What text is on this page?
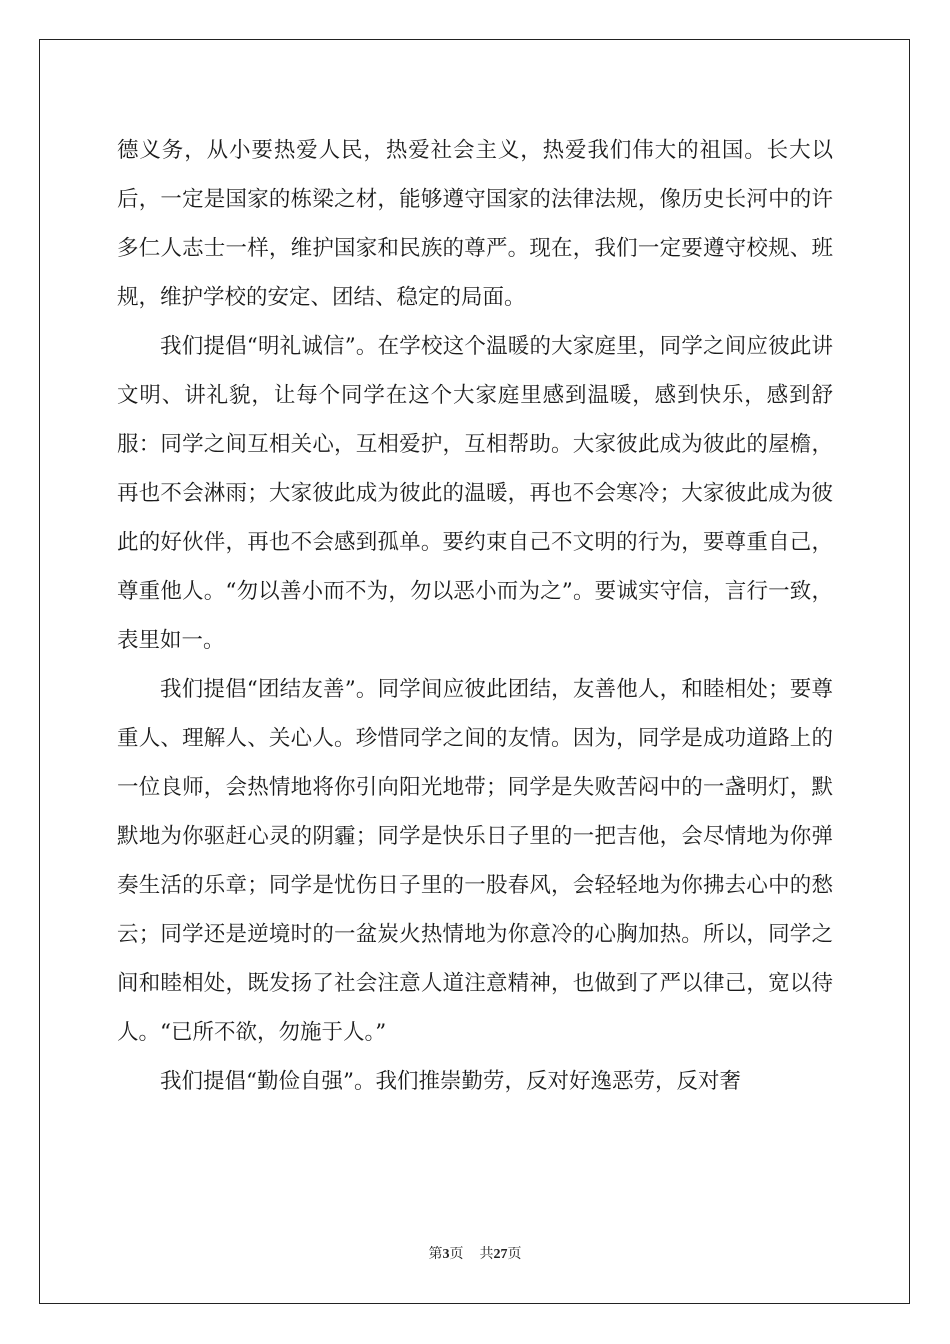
德义务，从小要热爱人民，热爱社会主义，热爱我们伟大的祖国。长大以后，一定是国家的栋梁之材，能够遵守国家的法律法规，像历史长河中的许多仁人志士一样，维护国家和民族的尊严。现在，我们一定要遵守校规、班规，维护学校的安定、团结、稳定的局面。

我们提倡“明礼诚信”。在学校这个温暖的大家庭里，同学之间应彼此讲文明、讲礼貌，让每个同学在这个大家庭里感到温暖，感到快乐，感到舒服：同学之间互相关心，互相爱护，互相帮助。大家彼此成为彼此的屋檐，再也不会淋雨；大家彼此成为彼此的温暖，再也不会寒冷；大家彼此成为彼此的好伙伴，再也不会感到孤单。要约束自己不文明的行为，要尊重自己，尊重他人。“勿以善小而不为，勿以恶小而为之”。要诚实守信，言行一致，表里如一。

我们提倡“团结友善”。同学间应彼此团结，友善他人，和睦相处；要尊重人、理解人、关心人。珍惜同学之间的友情。因为，同学是成功道路上的一位良师，会热情地将你引向阳光地带；同学是失败苦闷中的一盏明灯，默默地为你驱赶心灵的阴霾；同学是快乐日子里的一把吉他，会尽情地为你弹奏生活的乐章；同学是忧伤日子里的一股春风，会轻轻地为你拂去心中的愁云；同学还是逆境时的一盆炭火热情地为你意冷的心胸加热。所以，同学之间和睦相处，既发扬了社会注意人道注意精神，也做到了严以律己，宽以待人。“已所不欲，勿施于人。”

我们提倡“勤俭自强”。我们推崇勤劳，反对好逸恶劳，反对奢

第3页 共27页
